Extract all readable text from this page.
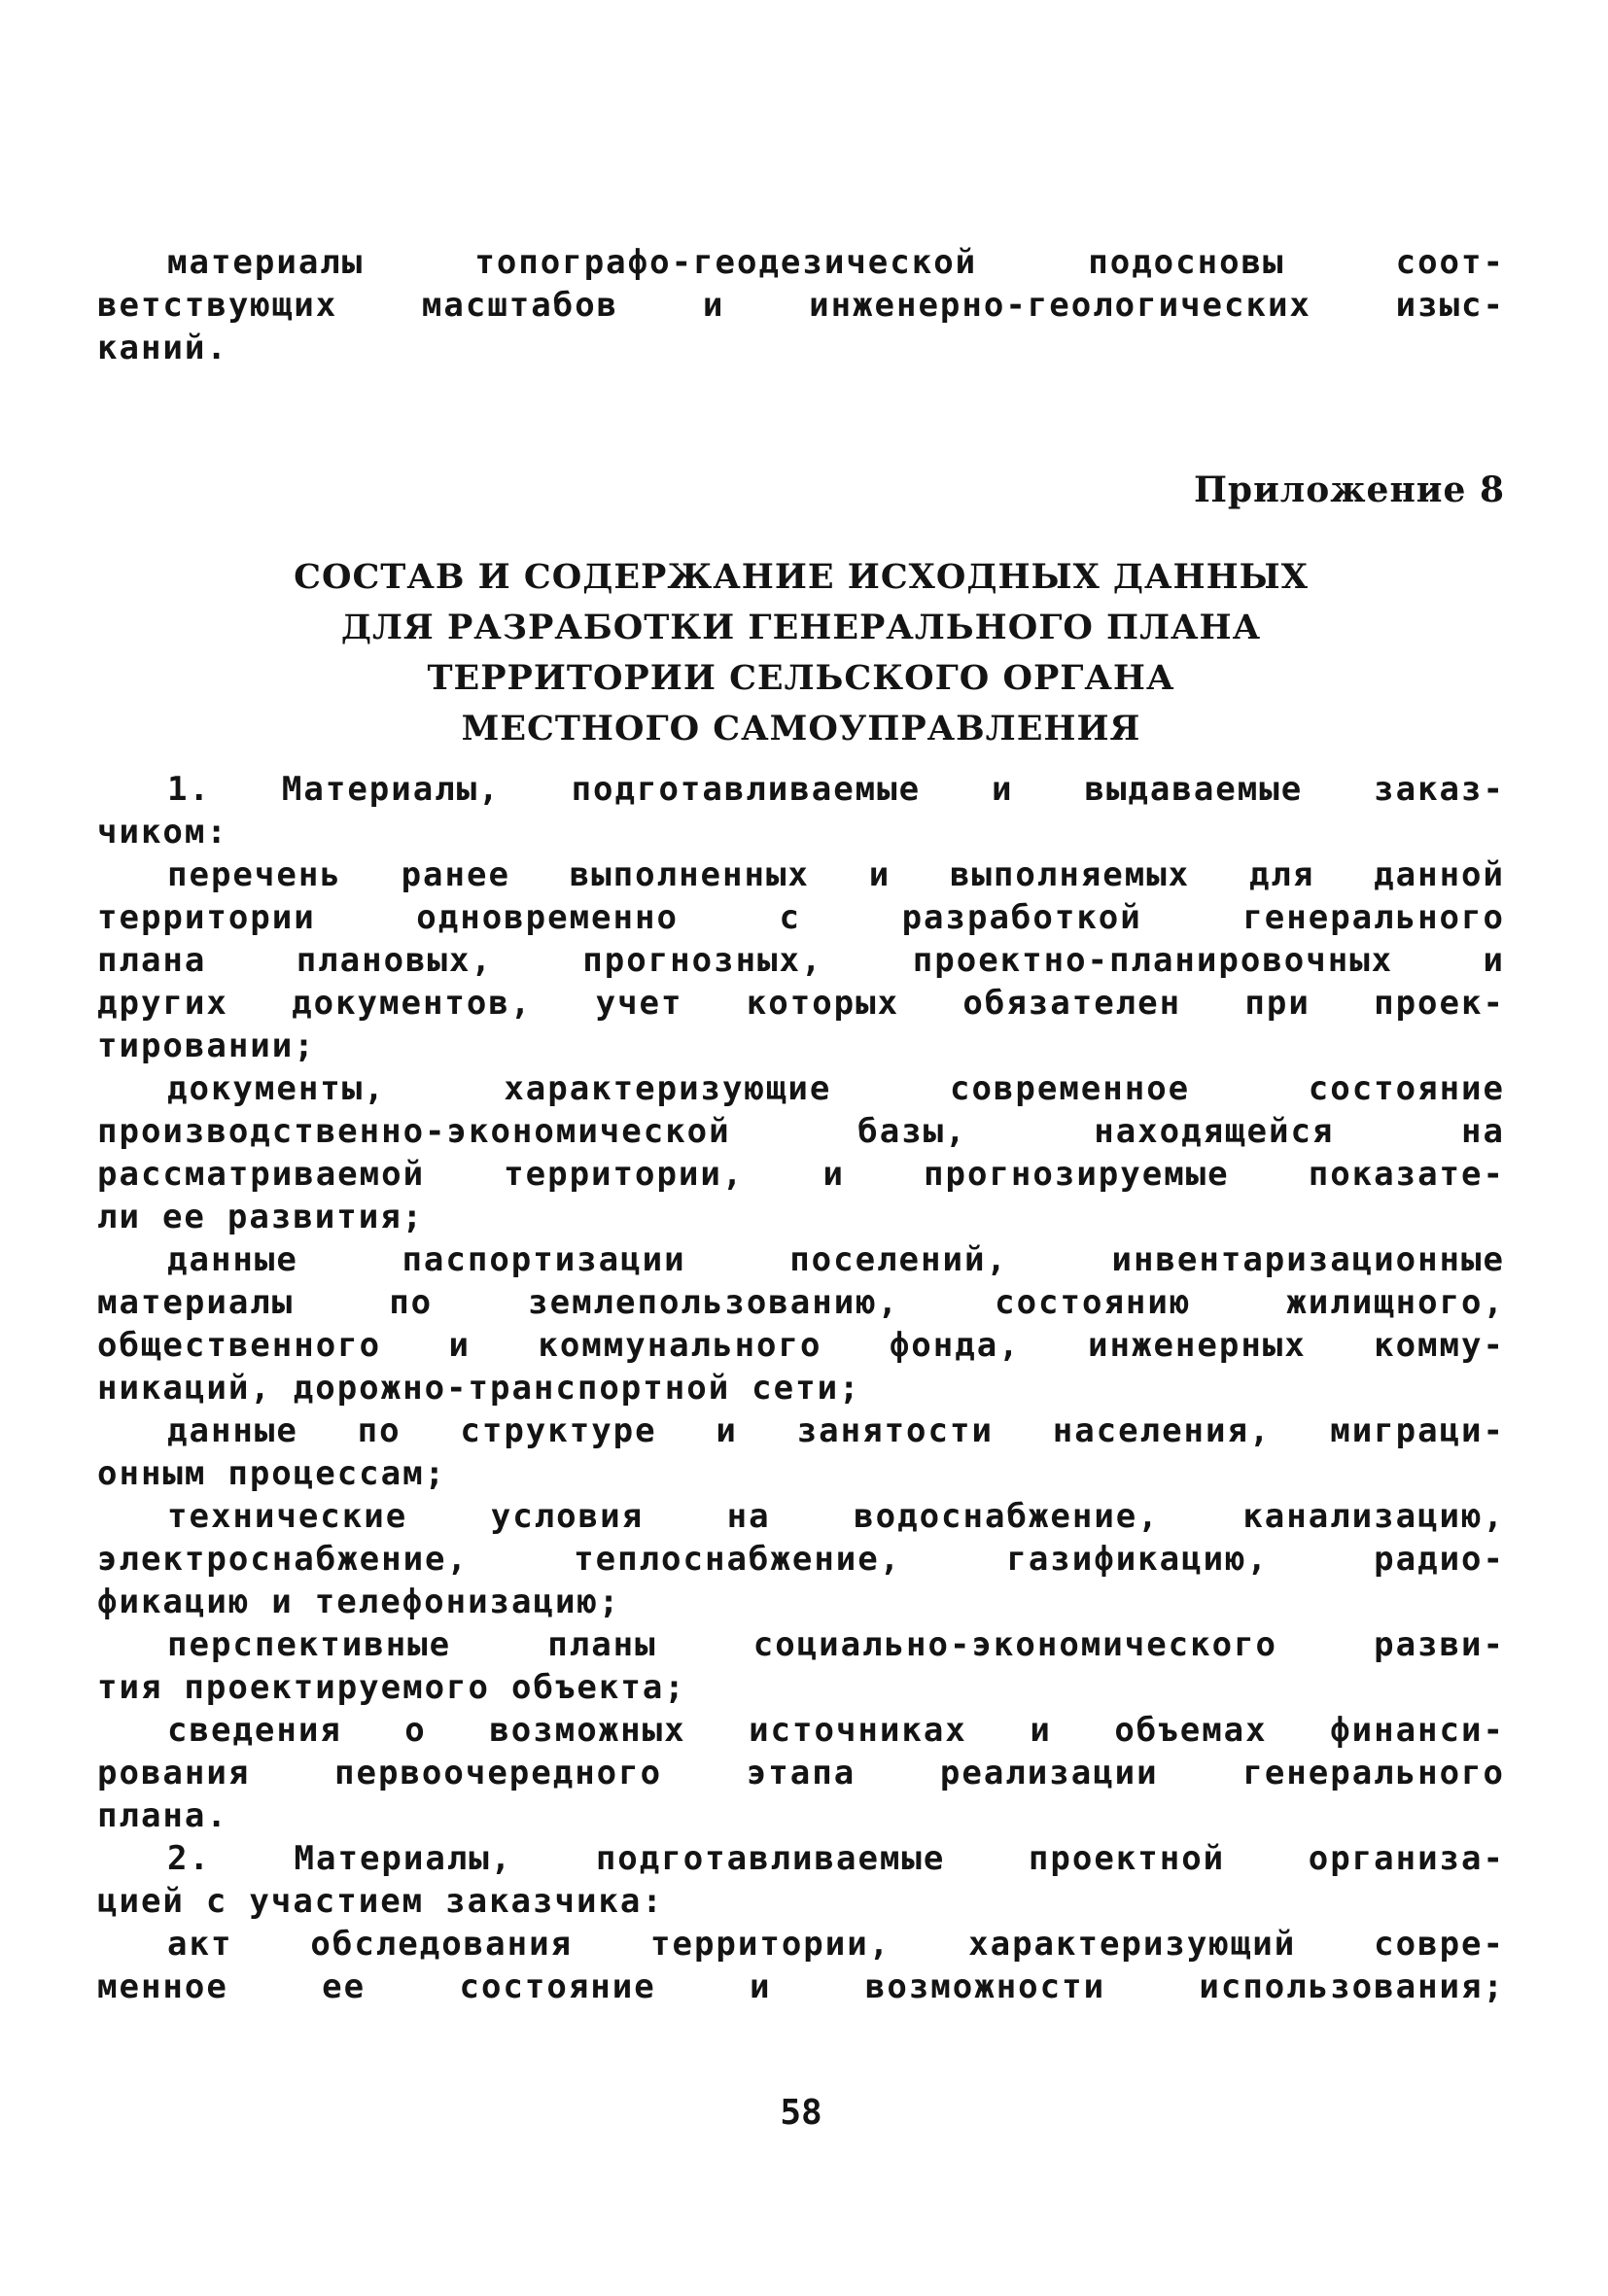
материалы	топографо-геодезической	подосновы	соот-
ветствующих	масштабов	и	инженерно-геологических	изыс-
каний.
Приложение 8
СОСТАВ И СОДЕРЖАНИЕ ИСХОДНЫХ ДАННЫХ
ДЛЯ РАЗРАБОТКИ ГЕНЕРАЛЬНОГО ПЛАНА
ТЕРРИТОРИИ СЕЛЬСКОГО ОРГАНА
МЕСТНОГО САМОУПРАВЛЕНИЯ
1. Материалы, подготавливаемые и выдаваемые заказ-
чиком:
перечень ранее выполненных и выполняемых для данной
территории	одновременно	с	разработкой	генерального
плана	плановых,	прогнозных,	проектно-планировочных	и
других документов, учет которых обязателен при проек-
тировании;
документы,	характеризующие	современное	состояние
производственно-экономической	базы,	находящейся	на
рассматриваемой территории, и прогнозируемые показате-
ли ее развития;
данные	паспортизации	поселений,	инвентаризационные
материалы	по	землепользованию,	состоянию	жилищного,
общественного и коммунального фонда, инженерных комму-
никаций, дорожно-транспортной сети;
данные по структуре и занятости населения, миграци-
онным процессам;
технические	условия	на	водоснабжение,	канализацию,
электроснабжение,	теплоснабжение,	газификацию,	радио-
фикацию и телефонизацию;
перспективные	планы	социально-экономического	разви-
тия проектируемого объекта;
сведения о возможных источниках и объемах финанси-
рования	первоочередного	этапа	реализации	генерального
плана.
2.	Материалы,	подготавливаемые	проектной	организа-
цией с участием заказчика:
акт обследования территории, характеризующий совре-
менное	ее	состояние	и	возможности	использования;
58
